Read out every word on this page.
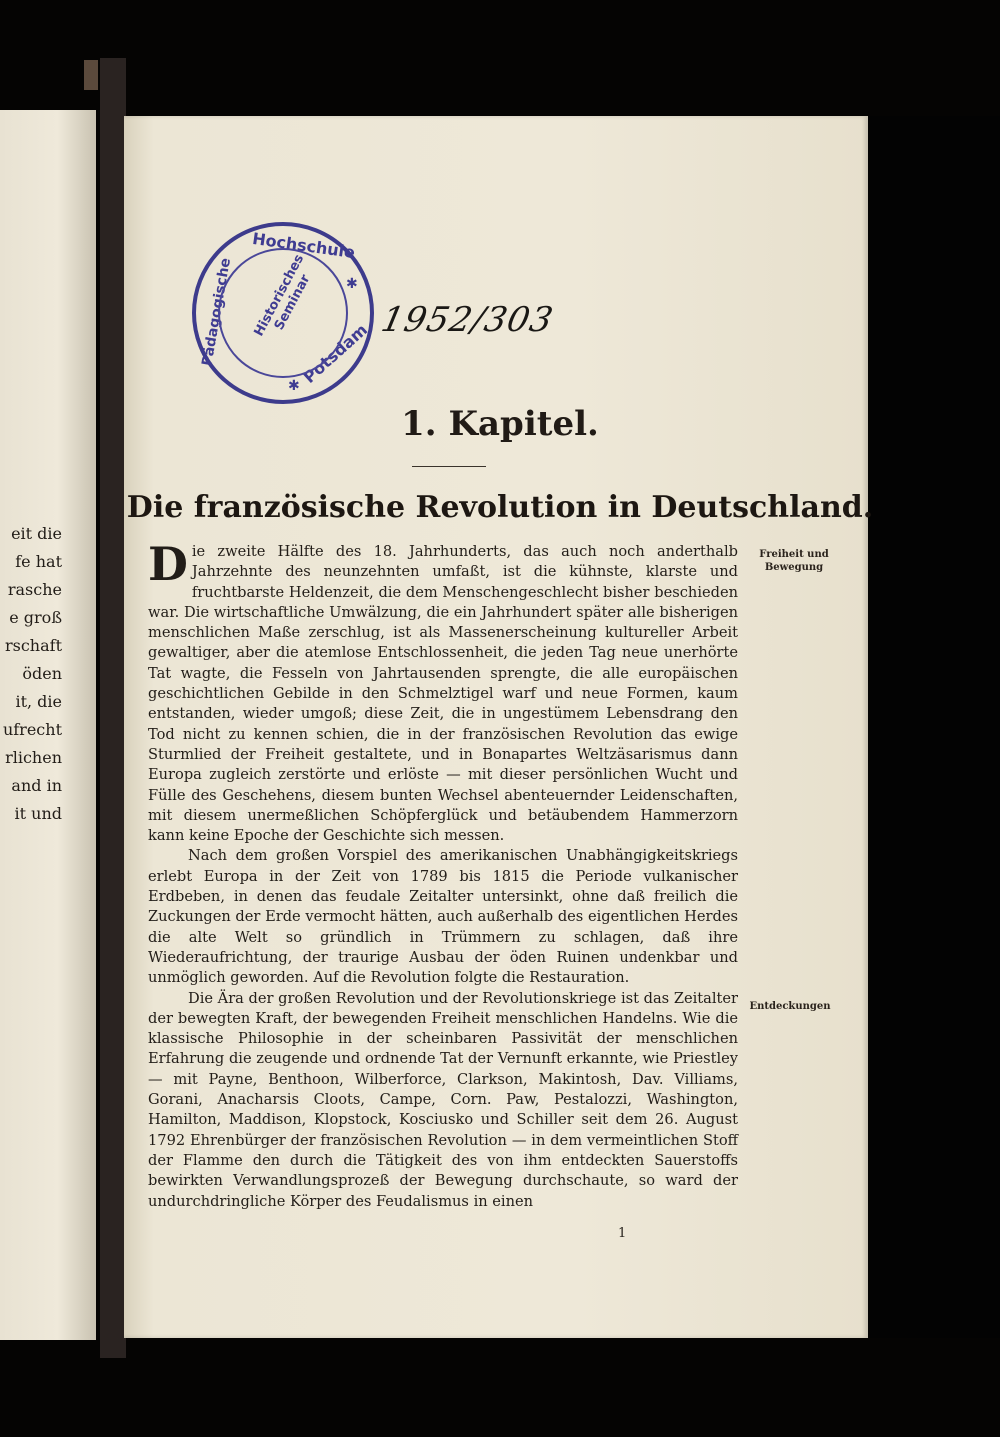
eit die
fe hat
rasche
e groß
rschaft
öden
it, die
ufrecht
rlichen
and in
it und
Hochschule
Pädagogische	Potsdam
✱
✱
Historisches Seminar 1952/303
1. Kapitel.
Die französische Revolution in Deutschland.

Die zweite Hälfte des 18. Jahrhunderts, das auch noch anderthalb Jahrzehnte des neunzehnten umfaßt, ist die kühnste, klarste und fruchtbarste Heldenzeit, die dem Menschengeschlecht bisher beschieden war. Die wirtschaftliche Umwälzung, die ein Jahrhundert später alle bisherigen menschlichen Maße zerschlug, ist als Massenerscheinung kultureller Arbeit gewaltiger, aber die atemlose Entschlossenheit, die jeden Tag neue unerhörte Tat wagte, die Fesseln von Jahrtausenden sprengte, die alle europäischen geschichtlichen Gebilde in den Schmelztigel warf und neue Formen, kaum entstanden, wieder umgoß; diese Zeit, die in ungestümem Lebensdrang den Tod nicht zu kennen schien, die in der französischen Revolution das ewige Sturmlied der Freiheit gestaltete, und in Bonapartes Weltzäsarismus dann Europa zugleich zerstörte und erlöste — mit dieser persönlichen Wucht und Fülle des Geschehens, diesem bunten Wechsel abenteuernder Leidenschaften, mit diesem unermeßlichen Schöpferglück und betäubendem Hammerzorn kann keine Epoche der Geschichte sich messen.

Nach dem großen Vorspiel des amerikanischen Unabhängigkeitskriegs erlebt Europa in der Zeit von 1789 bis 1815 die Periode vulkanischer Erdbeben, in denen das feudale Zeitalter untersinkt, ohne daß freilich die Zuckungen der Erde vermocht hätten, auch außerhalb des eigentlichen Herdes die alte Welt so gründlich in Trümmern zu schlagen, daß ihre Wiederaufrichtung, der traurige Ausbau der öden Ruinen undenkbar und unmöglich geworden. Auf die Revolution folgte die Restauration.

Die Ära der großen Revolution und der Revolutionskriege ist das Zeitalter der bewegten Kraft, der bewegenden Freiheit menschlichen Handelns. Wie die klassische Philosophie in der scheinbaren Passivität der menschlichen Erfahrung die zeugende und ordnende Tat der Vernunft erkannte, wie Priestley — mit Payne, Benthoon, Wilberforce, Clarkson, Makintosh, Dav. Villiams, Gorani, Anacharsis Cloots, Campe, Corn. Paw, Pestalozzi, Washington, Hamilton, Maddison, Klopstock, Kosciusko und Schiller seit dem 26. August 1792 Ehrenbürger der französischen Revolution — in dem vermeintlichen Stoff der Flamme den durch die Tätigkeit des von ihm entdeckten Sauerstoffs bewirkten Verwandlungsprozeß der Bewegung durchschaute, so ward der undurchdringliche Körper des Feudalismus in einen

Freiheit und Bewegung
Entdeckungen
1
